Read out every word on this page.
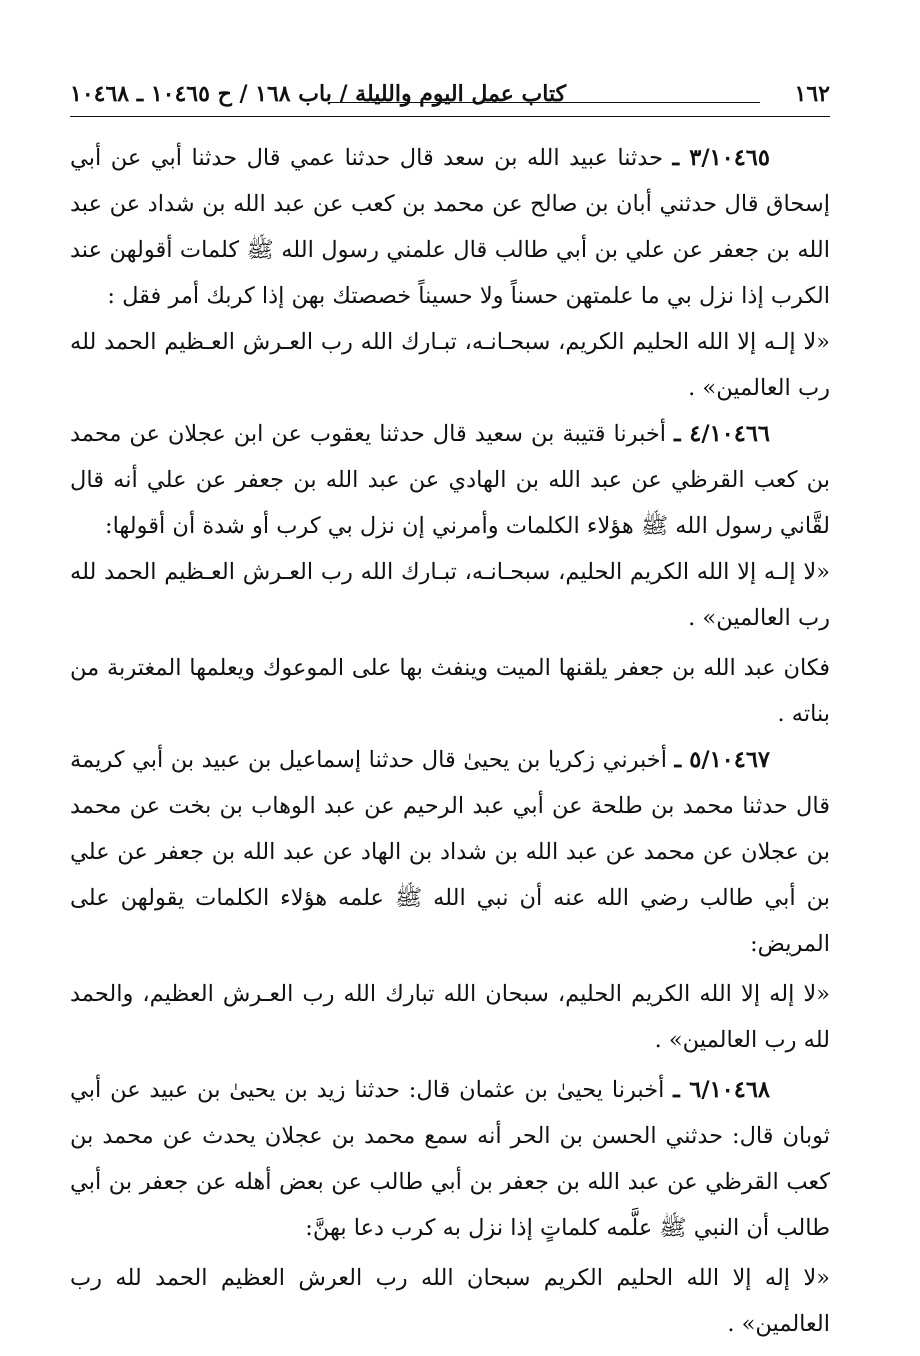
١٦٢
كتاب عمل اليوم والليلة / باب ١٦٨ / ح ١٠٤٦٥ ـ ١٠٤٦٨

٣/١٠٤٦٥ ـ حدثنا عبيد الله بن سعد قال حدثنا عمي قال حدثنا أبي عن أبي إسحاق قال حدثني أبان بن صالح عن محمد بن كعب عن عبد الله بن شداد عن عبد الله بن جعفر عن علي بن أبي طالب قال علمني رسول الله ﷺ كلمات أقولهن عند الكرب إذا نزل بي ما علمتهن حسناً ولا حسيناً خصصتك بهن إذا كربك أمر فقل :

«لا إلـه إلا الله الحليم الكريم، سبحـانـه، تبـارك الله رب العـرش العـظيم الحمد لله رب العالمين» .

٤/١٠٤٦٦ ـ أخبرنا قتيبة بن سعيد قال حدثنا يعقوب عن ابن عجلان عن محمد بن كعب القرظي عن عبد الله بن الهادي عن عبد الله بن جعفر عن علي أنه قال لقَّاني رسول الله ﷺ هؤلاء الكلمات وأمرني إن نزل بي كرب أو شدة أن أقولها:

«لا إلـه إلا الله الكريم الحليم، سبحـانـه، تبـارك الله رب العـرش العـظيم الحمد لله رب العالمين» .

فكان عبد الله بن جعفر يلقنها الميت وينفث بها على الموعوك ويعلمها المغتربة من بناته .

٥/١٠٤٦٧ ـ أخبرني زكريا بن يحيىٰ قال حدثنا إسماعيل بن عبيد بن أبي كريمة قال حدثنا محمد بن طلحة عن أبي عبد الرحيم عن عبد الوهاب بن بخت عن محمد بن عجلان عن محمد عن عبد الله بن شداد بن الهاد عن عبد الله بن جعفر عن علي بن أبي طالب رضي الله عنه أن نبي الله ﷺ علمه هؤلاء الكلمات يقولهن على المريض:

«لا إله إلا الله الكريم الحليم، سبحان الله تبارك الله رب العـرش العظيم، والحمد لله رب العالمين» .

٦/١٠٤٦٨ ـ أخبرنا يحيىٰ بن عثمان قال: حدثنا زيد بن يحيىٰ بن عبيد عن أبي ثوبان قال: حدثني الحسن بن الحر أنه سمع محمد بن عجلان يحدث عن محمد بن كعب القرظي عن عبد الله بن جعفر بن أبي طالب عن بعض أهله عن جعفر بن أبي طالب أن النبي ﷺ علَّمه كلماتٍ إذا نزل به كرب دعا بهنَّ:

«لا إله إلا الله الحليم الكريم سبحان الله رب العرش العظيم الحمد لله رب العالمين» .
